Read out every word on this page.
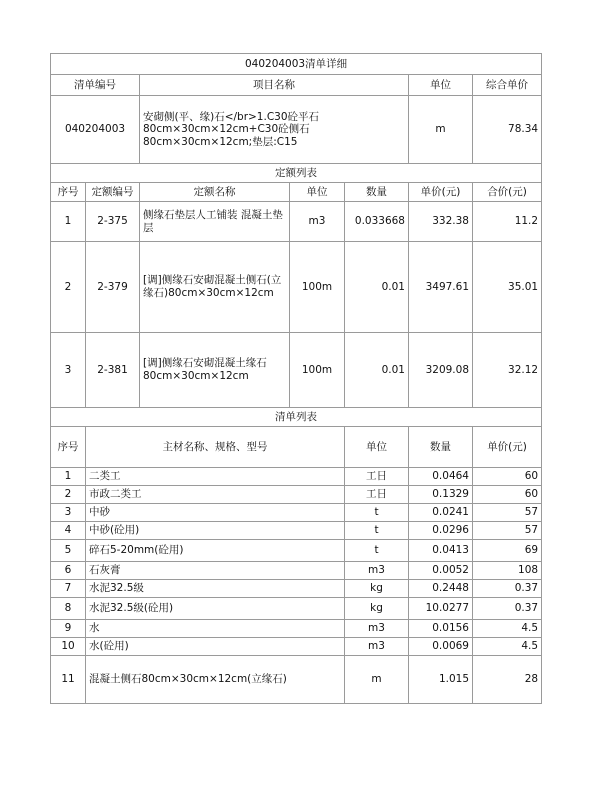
040204003清单详细							
清单编号		项目名称			单位	综合单价	
040204003		安砌侧(平、缘)石</br>1.C30砼平石80cm×30cm×12cm+C30砼侧石80cm×30cm×12cm;垫层:C15			m	78.34	
定额列表							
序号	定额编号	定额名称	单位	数量	单价(元)	合价(元)	
1	2-375	侧缘石垫层人工铺装 混凝土垫层	m3	0.033668	332.38	11.2	
2	2-379	[调]侧缘石安砌混凝土侧石(立缘石)80cm×30cm×12cm	100m	0.01	3497.61	35.01	
3	2-381	[调]侧缘石安砌混凝土缘石80cm×30cm×12cm	100m	0.01	3209.08	32.12	
清单列表							
序号	主材名称、规格、型号			单位	数量	单价(元)	
1	二类工			工日	0.0464	60	
2	市政二类工			工日	0.1329	60	
3	中砂			t	0.0241	57	
4	中砂(砼用)			t	0.0296	57	
5	碎石5-20mm(砼用)			t	0.0413	69	
6	石灰膏			m3	0.0052	108	
7	水泥32.5级			kg	0.2448	0.37	
8	水泥32.5级(砼用)			kg	10.0277	0.37	
9	水			m3	0.0156	4.5	
10	水(砼用)			m3	0.0069	4.5	
11	混凝土侧石80cm×30cm×12cm(立缘石)			m	1.015	28	
